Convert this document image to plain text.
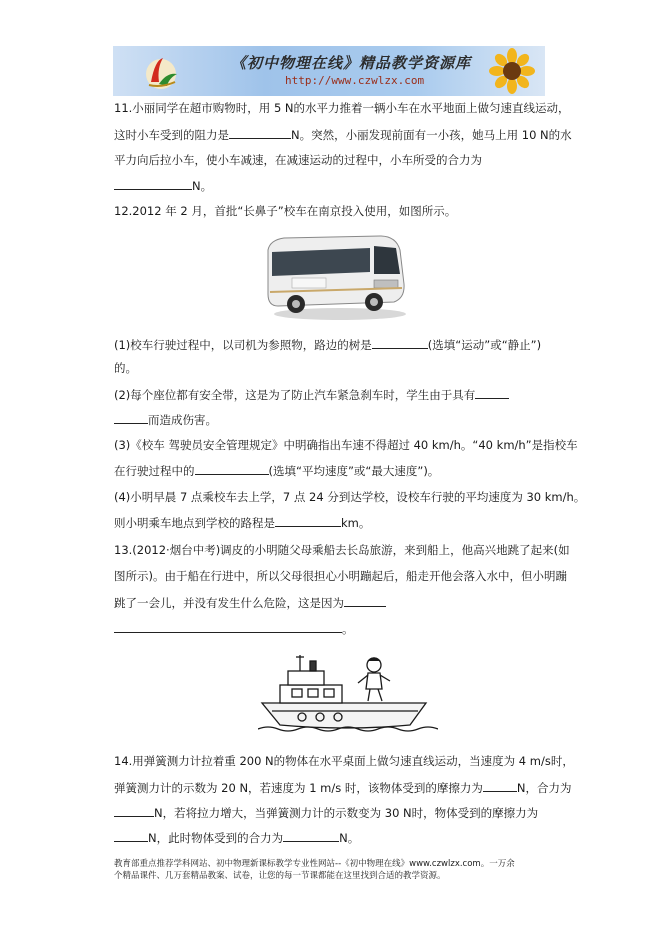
《初中物理在线》精品教学资源库
http://www.czwlzx.com
11.小丽同学在超市购物时，用 5 N的水平力推着一辆小车在水平地面上做匀速直线运动，
这时小车受到的阻力是	N。突然，小丽发现前面有一小孩，她马上用 10 N的水
平力向后拉小车，使小车减速，在减速运动的过程中，小车所受的合力为
N。
12.2012 年 2 月，首批“长鼻子”校车在南京投入使用，如图所示。
(1)校车行驶过程中，以司机为参照物，路边的树是	(选填“运动”或“静止”)
的。
(2)每个座位都有安全带，这是为了防止汽车紧急刹车时，学生由于具有
而造成伤害。
(3)《校车 驾驶员安全管理规定》中明确指出车速不得超过 40 km/h。“40 km/h”是指校车
在行驶过程中的	(选填“平均速度”或“最大速度”)。
(4)小明早晨 7 点乘校车去上学，7 点 24 分到达学校，设校车行驶的平均速度为 30 km/h。
则小明乘车地点到学校的路程是	km。
13.(2012·烟台中考)调皮的小明随父母乘船去长岛旅游，来到船上，他高兴地跳了起来(如
图所示)。由于船在行进中，所以父母很担心小明蹦起后，船走开他会落入水中，但小明蹦
跳了一会儿，并没有发生什么危险，这是因为
。
14.用弹簧测力计拉着重 200 N的物体在水平桌面上做匀速直线运动，当速度为 4 m/s时，
弹簧测力计的示数为 20 N，若速度为 1 m/s 时，该物体受到的摩擦力为	N，合力为
N，若将拉力增大，当弹簧测力计的示数变为 30 N时，物体受到的摩擦力为
N，此时物体受到的合力为	N。
教育部重点推荐学科网站、初中物理新课标教学专业性网站--《初中物理在线》www.czwlzx.com。一万余
个精品课件、几万套精品教案、试卷，让您的每一节课都能在这里找到合适的教学资源。
